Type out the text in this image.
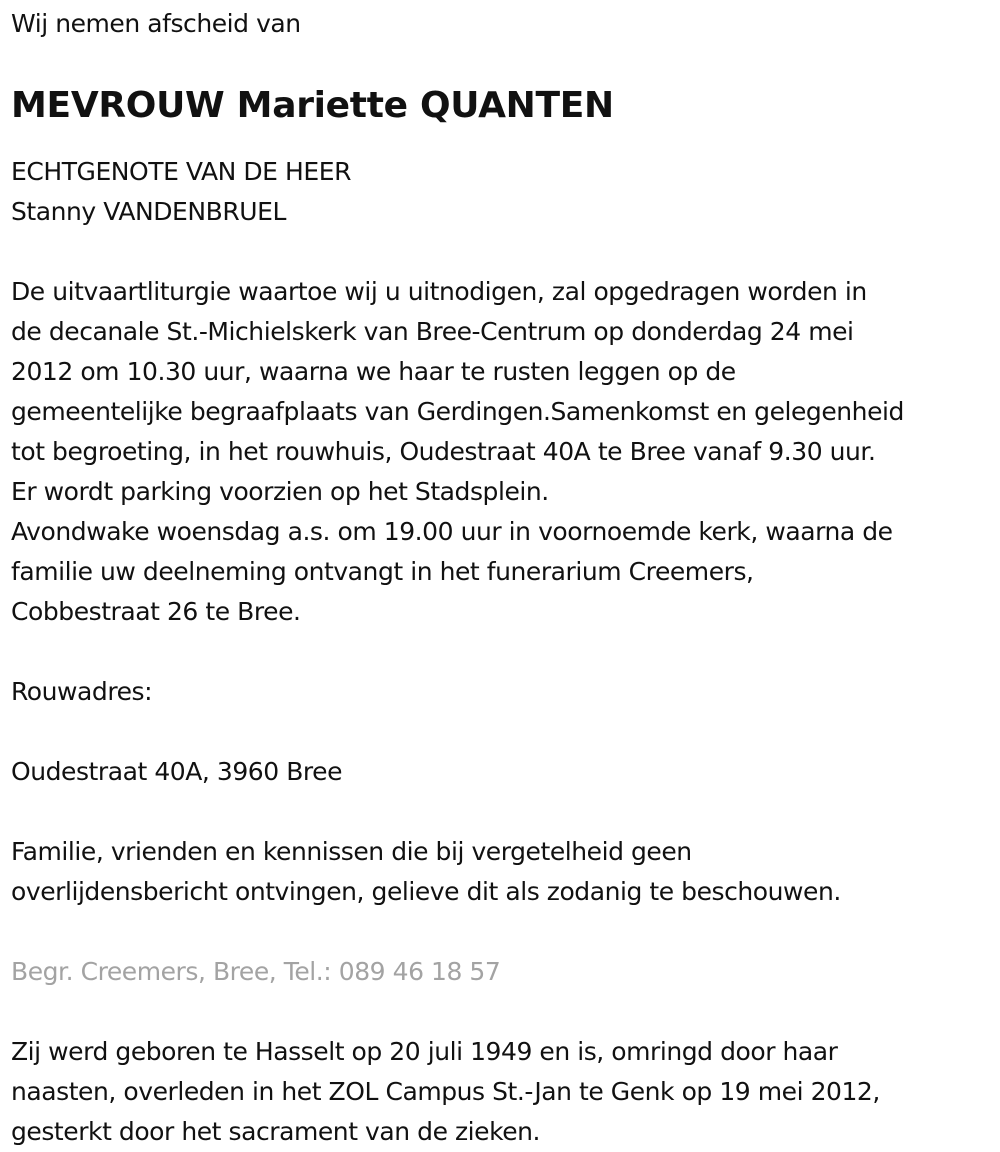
Wij nemen afscheid van
MEVROUW Mariette QUANTEN
ECHTGENOTE VAN DE HEER
Stanny VANDENBRUEL
De uitvaartliturgie waartoe wij u uitnodigen, zal opgedragen worden in
de decanale St.-Michielskerk van Bree-Centrum op donderdag 24 mei
2012 om 10.30 uur, waarna we haar te rusten leggen op de
gemeentelijke begraafplaats van Gerdingen.Samenkomst en gelegenheid
tot begroeting, in het rouwhuis, Oudestraat 40A te Bree vanaf 9.30 uur.
Er wordt parking voorzien op het Stadsplein.
Avondwake woensdag a.s. om 19.00 uur in voornoemde kerk, waarna de
familie uw deelneming ontvangt in het funerarium Creemers,
Cobbestraat 26 te Bree.
Rouwadres:
Oudestraat 40A, 3960 Bree
Familie, vrienden en kennissen die bij vergetelheid geen
overlijdensbericht ontvingen, gelieve dit als zodanig te beschouwen.
Begr. Creemers, Bree, Tel.: 089 46 18 57
Zij werd geboren te Hasselt op 20 juli 1949 en is, omringd door haar
naasten, overleden in het ZOL Campus St.-Jan te Genk op 19 mei 2012,
gesterkt door het sacrament van de zieken.
